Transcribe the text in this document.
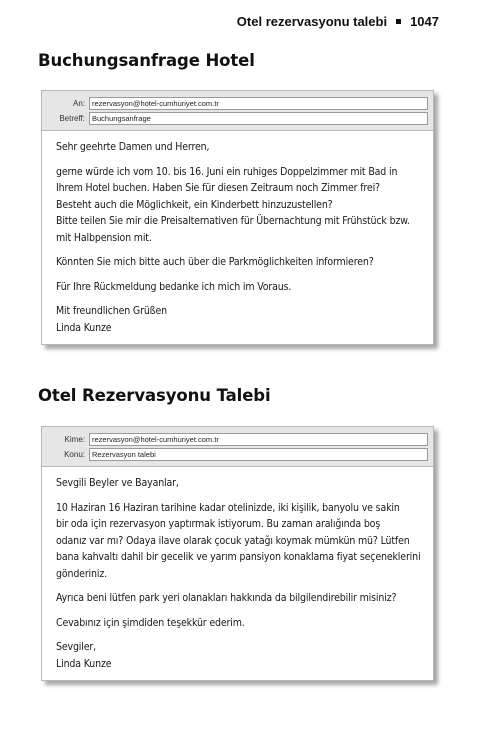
Otel rezervasyonu talebi 1047
Buchungsanfrage Hotel
An: rezervasyon@hotel-cumhuriyet.com.tr
Betreff: Buchungsanfrage

Sehr geehrte Damen und Herren,

gerne würde ich vom 10. bis 16. Juni ein ruhiges Doppelzimmer mit Bad in
Ihrem Hotel buchen. Haben Sie für diesen Zeitraum noch Zimmer frei?
Besteht auch die Möglichkeit, ein Kinderbett hinzuzustellen?
Bitte teilen Sie mir die Preisalternativen für Übernachtung mit Frühstück bzw.
mit Halbpension mit.

Könnten Sie mich bitte auch über die Parkmöglichkeiten informieren?

Für Ihre Rückmeldung bedanke ich mich im Voraus.

Mit freundlichen Grüßen
Linda Kunze

Otel Rezervasyonu Talebi
Kime: rezervasyon@hotel-cumhuriyet.com.tr
Konu: Rezervasyon talebi

Sevgili Beyler ve Bayanlar,

10 Haziran 16 Haziran tarihine kadar otelinizde, iki kişilik, banyolu ve sakin
bir oda için rezervasyon yaptırmak istiyorum. Bu zaman aralığında boş
odanız var mı? Odaya ilave olarak çocuk yatağı koymak mümkün mü? Lütfen
bana kahvaltı dahil bir gecelik ve yarım pansiyon konaklama fiyat seçeneklerini
gönderiniz.

Ayrıca beni lütfen park yeri olanakları hakkında da bilgilendirebilir misiniz?

Cevabınız için şimdiden teşekkür ederim.

Sevgiler,
Linda Kunze
